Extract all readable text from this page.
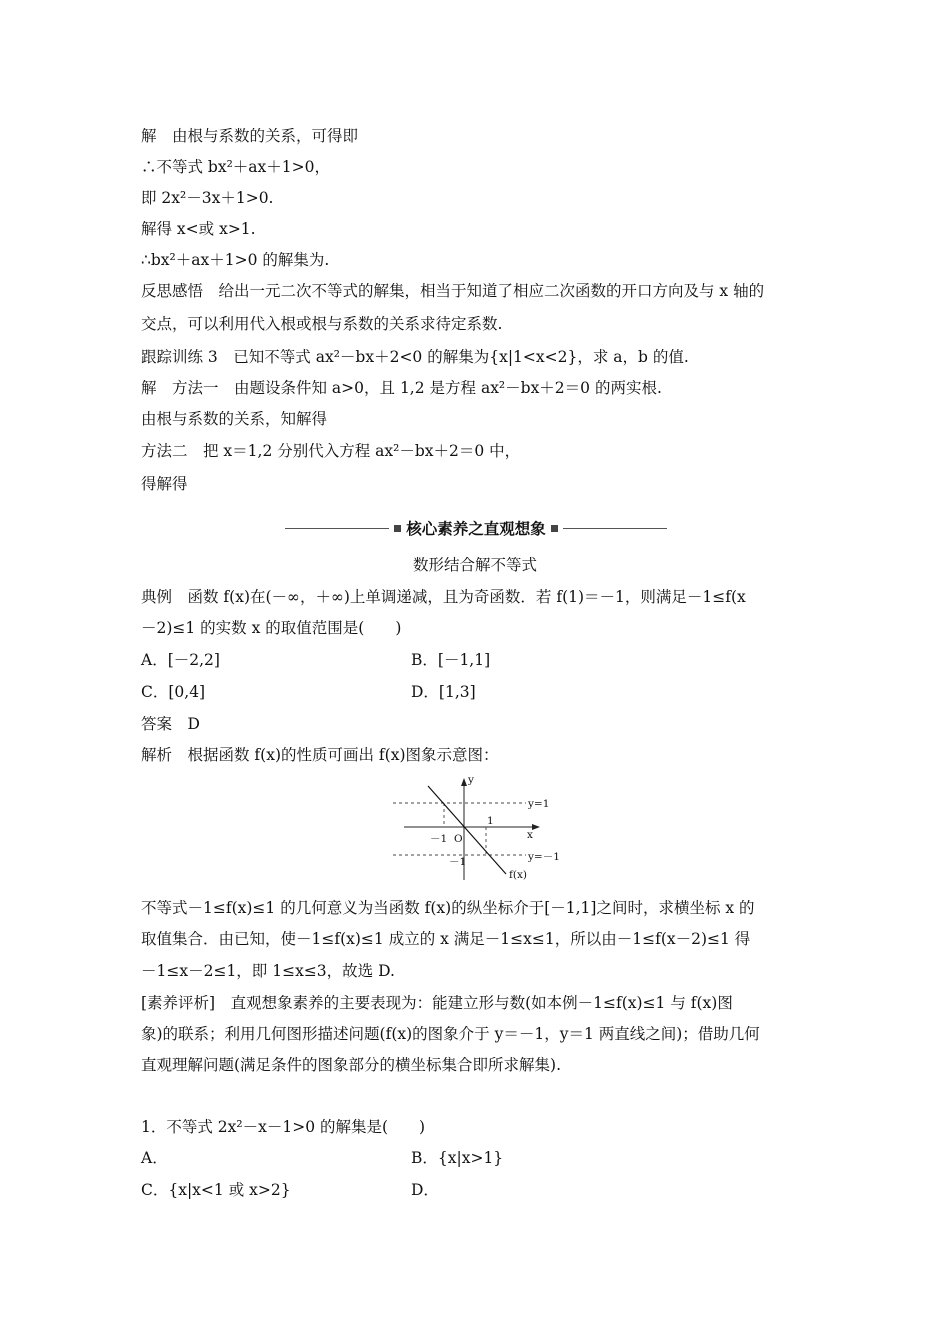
解　由根与系数的关系，可得即
∴不等式 bx²＋ax＋1>0，
即 2x²－3x＋1>0.
解得 x<或 x>1.
∴bx²＋ax＋1>0 的解集为.
反思感悟　给出一元二次不等式的解集，相当于知道了相应二次函数的开口方向及与 x 轴的
交点，可以利用代入根或根与系数的关系求待定系数.
跟踪训练 3　已知不等式 ax²－bx＋2<0 的解集为{x|1<x<2}，求 a，b 的值.
解　方法一　由题设条件知 a>0，且 1,2 是方程 ax²－bx＋2＝0 的两实根.
由根与系数的关系，知解得
方法二　把 x＝1,2 分别代入方程 ax²－bx＋2＝0 中，
得解得
核心素养之直观想象
数形结合解不等式
典例　函数 f(x)在(－∞，＋∞)上单调递减，且为奇函数．若 f(1)＝－1，则满足－1≤f(x
－2)≤1 的实数 x 的取值范围是(　　)
A．[－2,2]	B．[－1,1]
C．[0,4]	D．[1,3]
答案　D
解析　根据函数 f(x)的性质可画出 f(x)图象示意图：
y
x
O
－1
1
－1
y=1
y=－1
f(x)
不等式－1≤f(x)≤1 的几何意义为当函数 f(x)的纵坐标介于[－1,1]之间时，求横坐标 x 的
取值集合．由已知，使－1≤f(x)≤1 成立的 x 满足－1≤x≤1，所以由－1≤f(x－2)≤1 得
－1≤x－2≤1，即 1≤x≤3，故选 D.
[素养评析]　直观想象素养的主要表现为：能建立形与数(如本例－1≤f(x)≤1 与 f(x)图
象)的联系；利用几何图形描述问题(f(x)的图象介于 y＝－1，y＝1 两直线之间)；借助几何
直观理解问题(满足条件的图象部分的横坐标集合即所求解集).
1．不等式 2x²－x－1>0 的解集是(　　)
A．	B．{x|x>1}
C．{x|x<1 或 x>2}	D．
